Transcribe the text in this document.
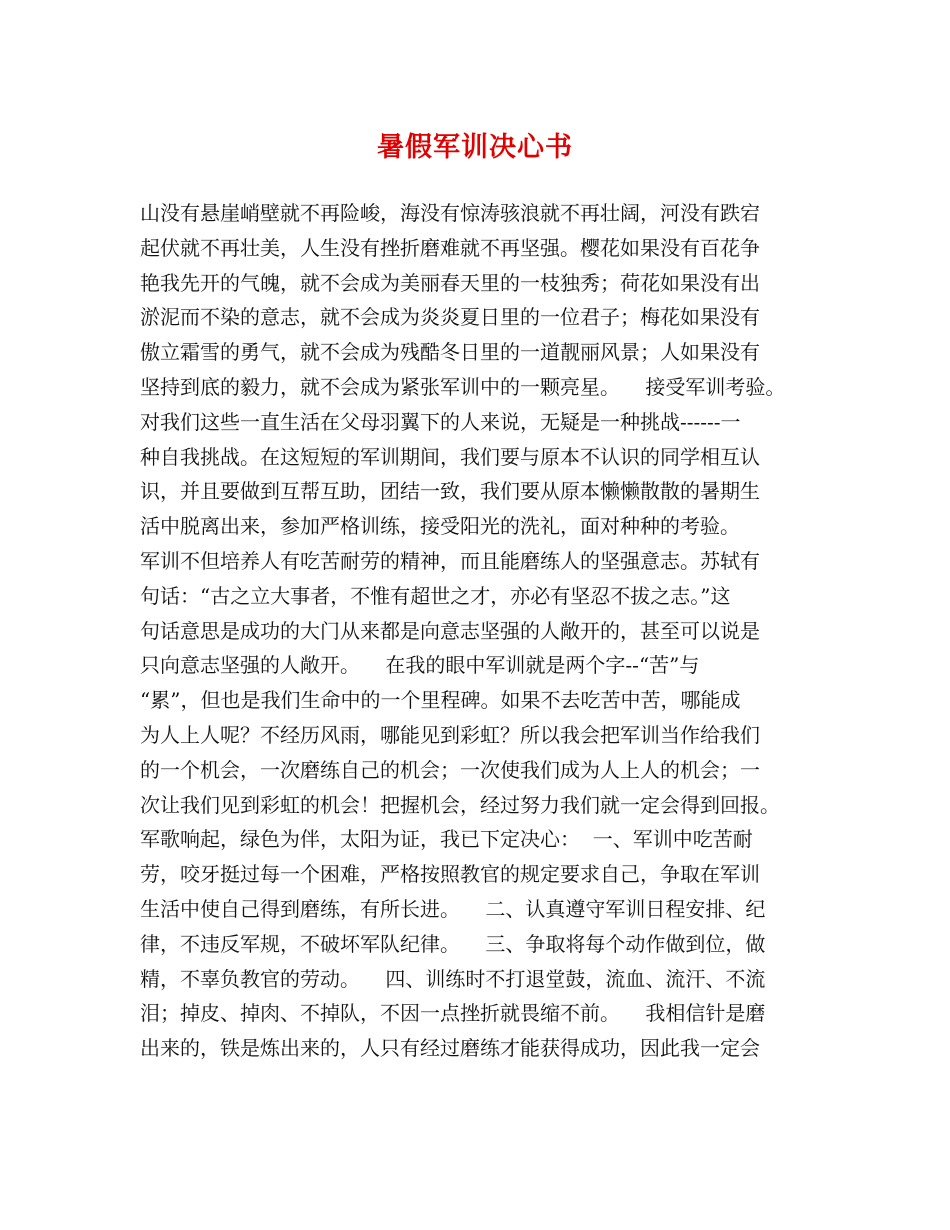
暑假军训决心书
山没有悬崖峭壁就不再险峻，海没有惊涛骇浪就不再壮阔，河没有跌宕
起伏就不再壮美，人生没有挫折磨难就不再坚强。樱花如果没有百花争
艳我先开的气魄，就不会成为美丽春天里的一枝独秀；荷花如果没有出
淤泥而不染的意志，就不会成为炎炎夏日里的一位君子；梅花如果没有
傲立霜雪的勇气，就不会成为残酷冬日里的一道靓丽风景；人如果没有
坚持到底的毅力，就不会成为紧张军训中的一颗亮星。    接受军训考验。
对我们这些一直生活在父母羽翼下的人来说，无疑是一种挑战------一
种自我挑战。在这短短的军训期间，我们要与原本不认识的同学相互认
识，并且要做到互帮互助，团结一致，我们要从原本懒懒散散的暑期生
活中脱离出来，参加严格训练，接受阳光的洗礼，面对种种的考验。
军训不但培养人有吃苦耐劳的精神，而且能磨练人的坚强意志。苏轼有
句话：“古之立大事者，不惟有超世之才，亦必有坚忍不拔之志。”这
句话意思是成功的大门从来都是向意志坚强的人敞开的，甚至可以说是
只向意志坚强的人敞开。    在我的眼中军训就是两个字--“苦”与
“累”，但也是我们生命中的一个里程碑。如果不去吃苦中苦，哪能成
为人上人呢？不经历风雨，哪能见到彩虹？所以我会把军训当作给我们
的一个机会，一次磨练自己的机会；一次使我们成为人上人的机会；一
次让我们见到彩虹的机会！把握机会，经过努力我们就一定会得到回报。
军歌响起，绿色为伴，太阳为证，我已下定决心：  一、军训中吃苦耐
劳，咬牙挺过每一个困难，严格按照教官的规定要求自己，争取在军训
生活中使自己得到磨练，有所长进。    二、认真遵守军训日程安排、纪
律，不违反军规，不破坏军队纪律。    三、争取将每个动作做到位，做
精，不辜负教官的劳动。    四、训练时不打退堂鼓，流血、流汗、不流
泪；掉皮、掉肉、不掉队，不因一点挫折就畏缩不前。    我相信针是磨
出来的，铁是炼出来的，人只有经过磨练才能获得成功，因此我一定会
